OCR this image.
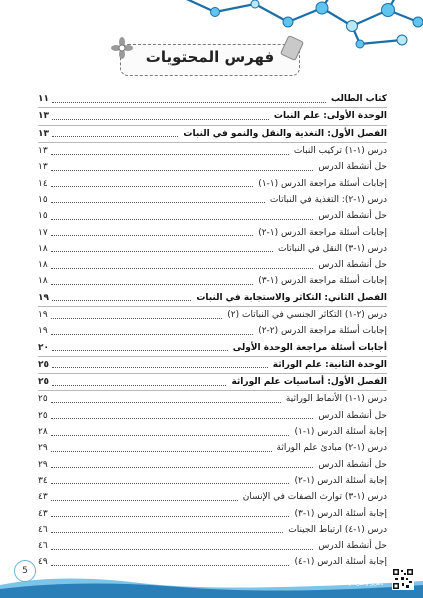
فهرس المحتويات
كتاب الطالب
١١
الوحدة الأولى: علم النبات
١٣
الفصل الأول: التغذية والنقل والنمو في النبات
١٣
درس (١-١) تركيب النبات
١٣
حل أنشطة الدرس
١٣
إجابات أسئلة مراجعة الدرس (١-١)
١٤
درس (١-٢): التغذية في النباتات
١٥
حل أنشطة الدرس
١٥
إجابات أسئلة مراجعة الدرس (١-٢)
١٧
درس (١-٣) النقل في النباتات
١٨
حل أنشطة الدرس
١٨
إجابات أسئلة مراجعة الدرس (١-٣)
١٨
الفصل الثاني: التكاثر والاستجابة في النبات
١٩
درس (٢-١) التكاثر الجنسي في النباتات (٢)
١٩
إجابات أسئلة مراجعة الدرس (٢-٢)
١٩
أجابات أسئلة مراجعة الوحدة الأولى
٢٠
الوحدة الثانية: علم الوراثة
٢٥
الفصل الأول: أساسيات علم الوراثة
٢٥
درس (١-١) الأنماط الوراثية
٢٥
حل أنشطة الدرس
٢٥
إجابة أسئلة الدرس (١-١)
٢٨
درس (١-٢) مبادئ علم الوراثة
٢٩
حل أنشطة الدرس
٢٩
إجابة أسئلة الدرس (١-٢)
٣٤
درس (١-٣) توارث الصفات في الإنسان
٤٣
إجابة أسئلة الدرس (١-٣)
٤٣
درس (١-٤) ارتباط الجينات
٤٦
حل أنشطة الدرس
٤٦
إجابة أسئلة الدرس (١-٤)
٤٩
5
بالعربي والفيزياء والكيمياء
